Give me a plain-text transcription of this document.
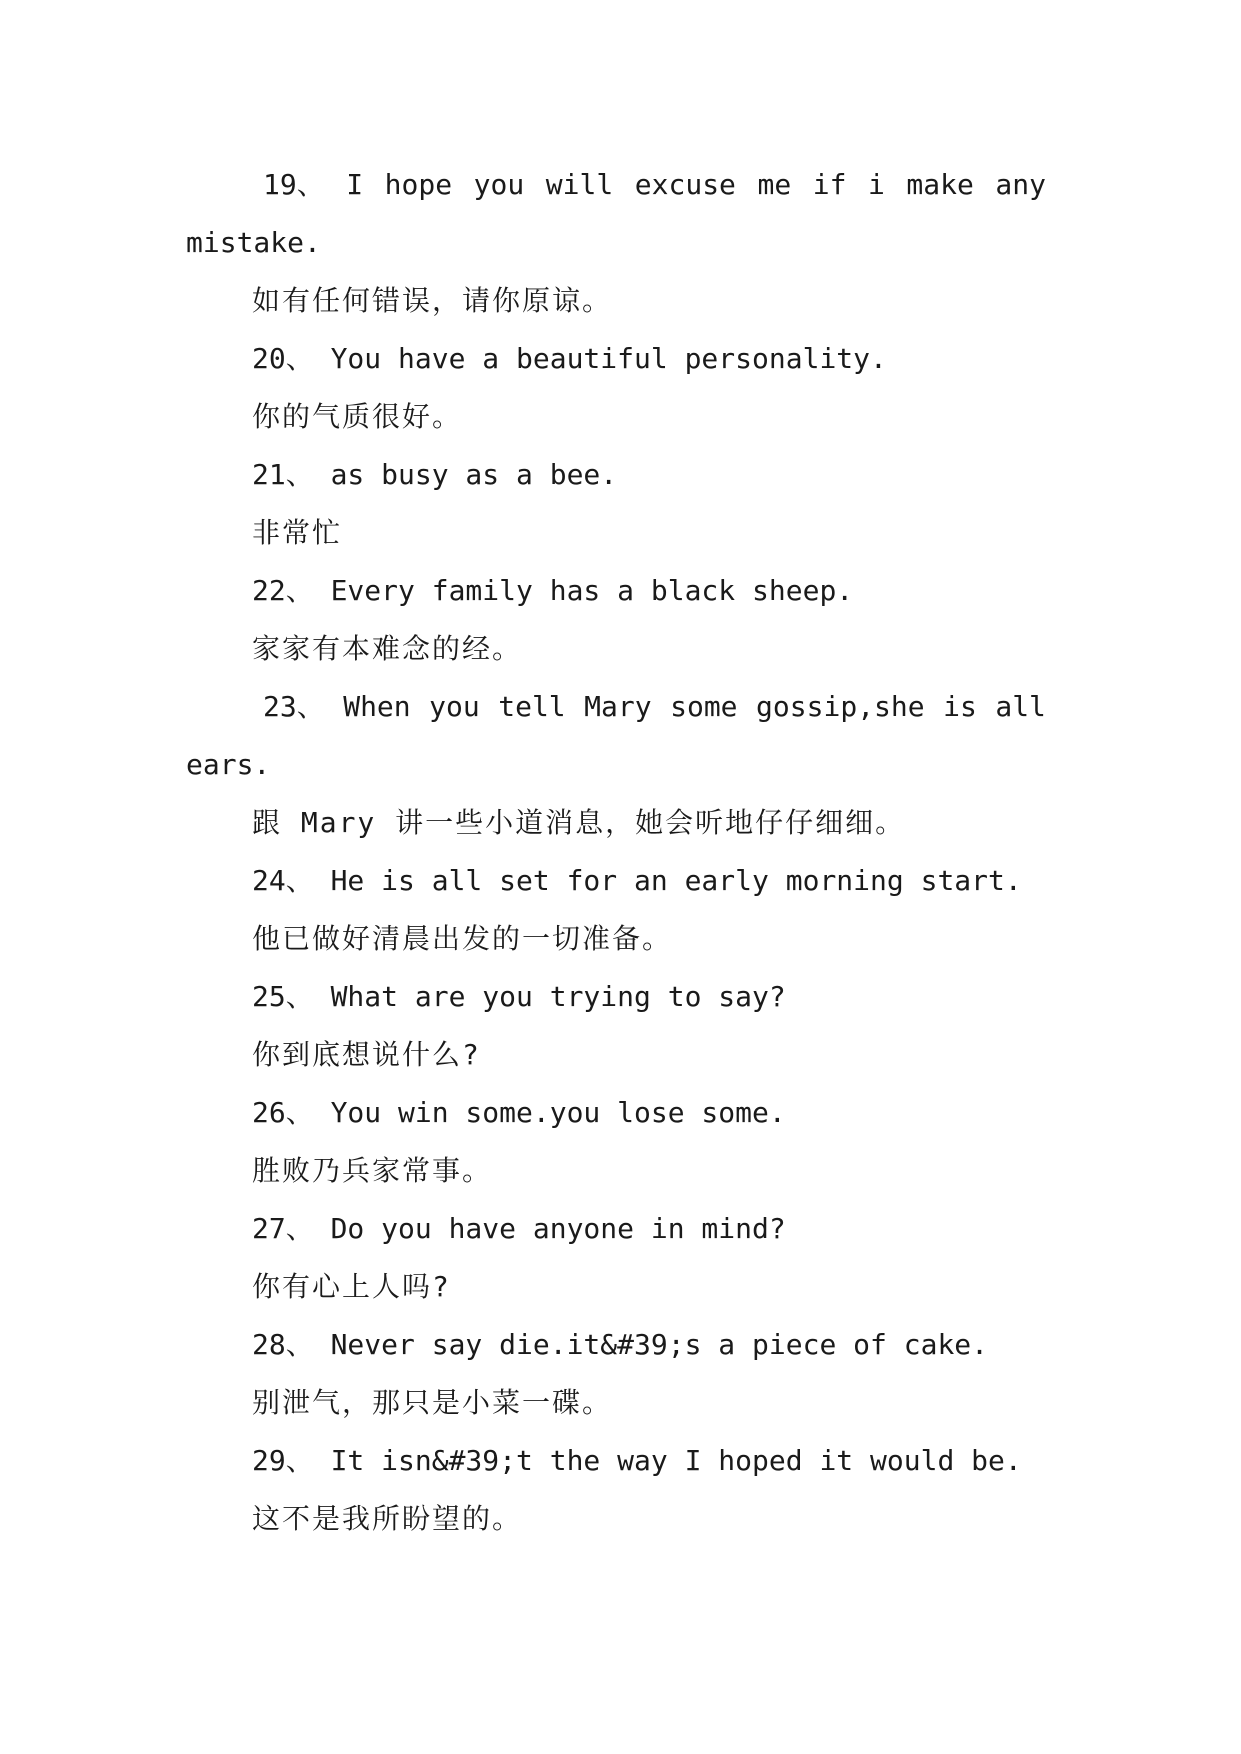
19、 I hope you will excuse me if i make any

mistake.

如有任何错误，请你原谅。

20、 You have a beautiful personality.

你的气质很好。

21、 as busy as a bee.

非常忙

22、 Every family has a black sheep.

家家有本难念的经。

23、 When you tell Mary some gossip,she is all

ears.

跟 Mary 讲一些小道消息，她会听地仔仔细细。

24、 He is all set for an early morning start.

他已做好清晨出发的一切准备。

25、 What are you trying to say?

你到底想说什么?

26、 You win some.you lose some.

胜败乃兵家常事。

27、 Do you have anyone in mind?

你有心上人吗?

28、 Never say die.it&#39;s a piece of cake.

别泄气，那只是小菜一碟。

29、 It isn&#39;t the way I hoped it would be.

这不是我所盼望的。
